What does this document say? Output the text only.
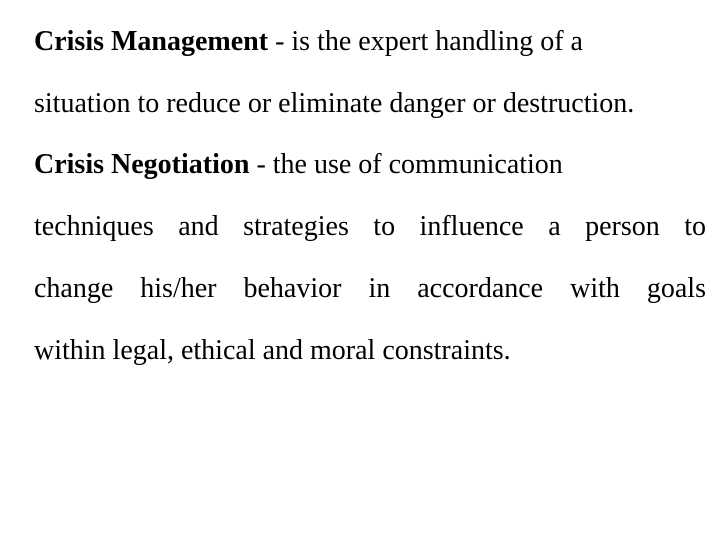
Crisis Management - is the expert handling of a
situation to reduce or eliminate danger or destruction.

Crisis Negotiation - the use of communication
techniques and strategies to influence a person to
change his/her behavior in accordance with goals
within legal, ethical and moral constraints.
